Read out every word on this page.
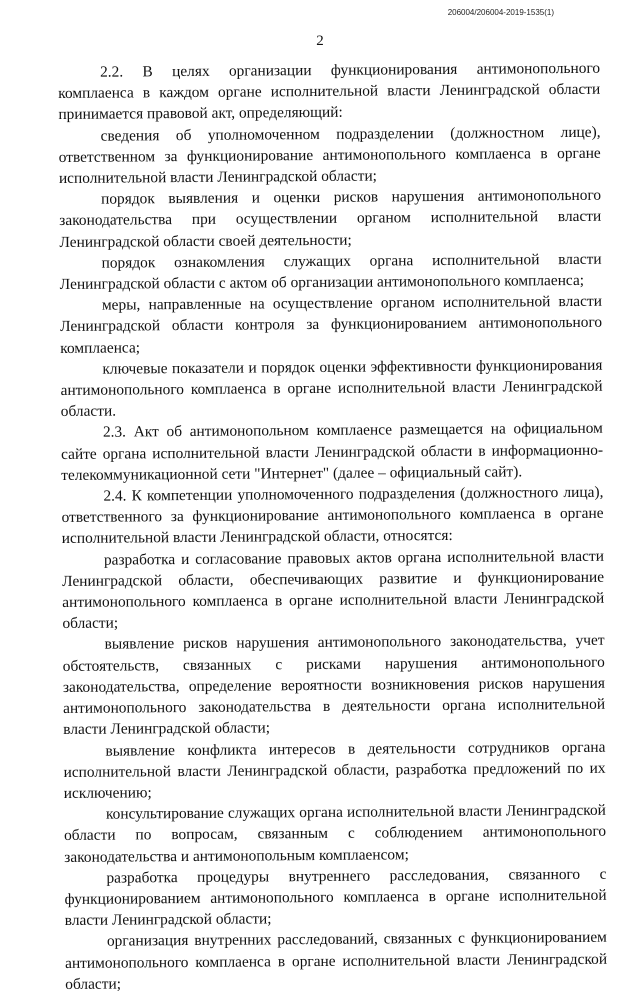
206004/206004-2019-1535(1)
2

2.2. В целях организации функционирования антимонопольного комплаенса в каждом органе исполнительной власти Ленинградской области принимается правовой акт, определяющий:

сведения об уполномоченном подразделении (должностном лице), ответственном за функционирование антимонопольного комплаенса в органе исполнительной власти Ленинградской области;

порядок выявления и оценки рисков нарушения антимонопольного законодательства при осуществлении органом исполнительной власти Ленинградской области своей деятельности;

порядок ознакомления служащих органа исполнительной власти Ленинградской области с актом об организации антимонопольного комплаенса;

меры, направленные на осуществление органом исполнительной власти Ленинградской области контроля за функционированием антимонопольного комплаенса;

ключевые показатели и порядок оценки эффективности функционирования антимонопольного комплаенса в органе исполнительной власти Ленинградской области.

2.3. Акт об антимонопольном комплаенсе размещается на официальном сайте органа исполнительной власти Ленинградской области в информационно-телекоммуникационной сети "Интернет" (далее – официальный сайт).

2.4. К компетенции уполномоченного подразделения (должностного лица), ответственного за функционирование антимонопольного комплаенса в органе исполнительной власти Ленинградской области, относятся:

разработка и согласование правовых актов органа исполнительной власти Ленинградской области, обеспечивающих развитие и функционирование антимонопольного комплаенса в органе исполнительной власти Ленинградской области;

выявление рисков нарушения антимонопольного законодательства, учет обстоятельств, связанных с рисками нарушения антимонопольного законодательства, определение вероятности возникновения рисков нарушения антимонопольного законодательства в деятельности органа исполнительной власти Ленинградской области;

выявление конфликта интересов в деятельности сотрудников органа исполнительной власти Ленинградской области, разработка предложений по их исключению;

консультирование служащих органа исполнительной власти Ленинградской области по вопросам, связанным с соблюдением антимонопольного законодательства и антимонопольным комплаенсом;

разработка процедуры внутреннего расследования, связанного с функционированием антимонопольного комплаенса в органе исполнительной власти Ленинградской области;

организация внутренних расследований, связанных с функционированием антимонопольного комплаенса в органе исполнительной власти Ленинградской области;
